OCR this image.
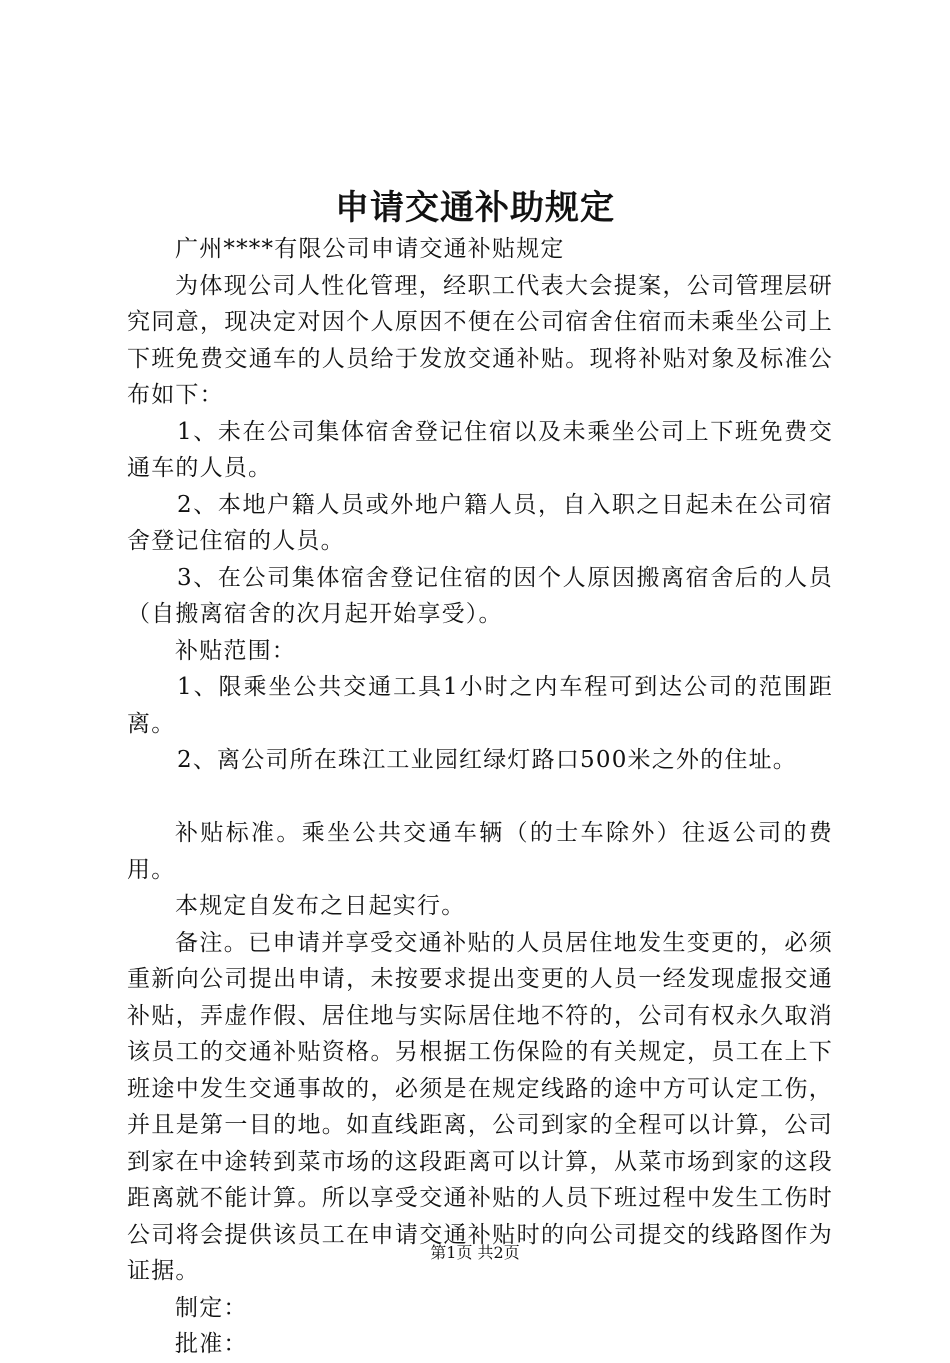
申请交通补助规定

广州****有限公司申请交通补贴规定

为体现公司人性化管理，经职工代表大会提案，公司管理层研究同意，现决定对因个人原因不便在公司宿舍住宿而未乘坐公司上下班免费交通车的人员给于发放交通补贴。现将补贴对象及标准公布如下：

1、未在公司集体宿舍登记住宿以及未乘坐公司上下班免费交通车的人员。

2、本地户籍人员或外地户籍人员，自入职之日起未在公司宿舍登记住宿的人员。

3、在公司集体宿舍登记住宿的因个人原因搬离宿舍后的人员（自搬离宿舍的次月起开始享受）。

补贴范围：

1、限乘坐公共交通工具1小时之内车程可到达公司的范围距离。

2、离公司所在珠江工业园红绿灯路口500米之外的住址。

补贴标准。乘坐公共交通车辆（的士车除外）往返公司的费用。

本规定自发布之日起实行。

备注。已申请并享受交通补贴的人员居住地发生变更的，必须重新向公司提出申请，未按要求提出变更的人员一经发现虚报交通补贴，弄虚作假、居住地与实际居住地不符的，公司有权永久取消该员工的交通补贴资格。另根据工伤保险的有关规定，员工在上下班途中发生交通事故的，必须是在规定线路的途中方可认定工伤，并且是第一目的地。如直线距离，公司到家的全程可以计算，公司到家在中途转到菜市场的这段距离可以计算，从菜市场到家的这段距离就不能计算。所以享受交通补贴的人员下班过程中发生工伤时公司将会提供该员工在申请交通补贴时的向公司提交的线路图作为证据。

制定：

批准：

第1页 共2页
